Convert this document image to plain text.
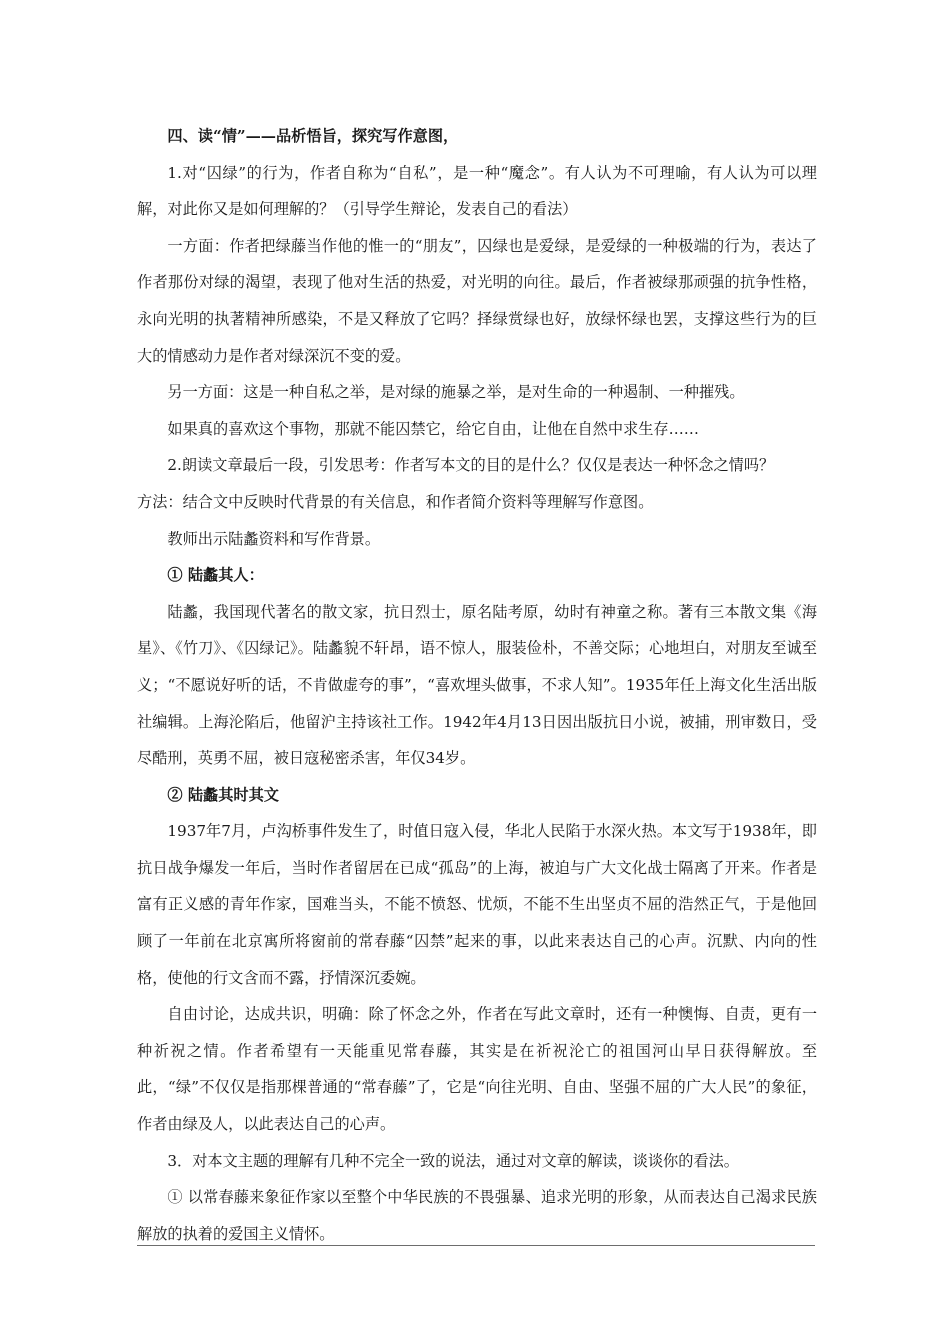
四、读“情”——品析悟旨，探究写作意图，

1.对“囚绿”的行为，作者自称为“自私”，是一种“魔念”。有人认为不可理喻，有人认为可以理解，对此你又是如何理解的？（引导学生辩论，发表自己的看法）

一方面：作者把绿藤当作他的惟一的“朋友”，囚绿也是爱绿，是爱绿的一种极端的行为，表达了作者那份对绿的渴望，表现了他对生活的热爱，对光明的向往。最后，作者被绿那顽强的抗争性格，永向光明的执著精神所感染，不是又释放了它吗？择绿赏绿也好，放绿怀绿也罢，支撑这些行为的巨大的情感动力是作者对绿深沉不变的爱。

另一方面：这是一种自私之举，是对绿的施暴之举，是对生命的一种遏制、一种摧残。

如果真的喜欢这个事物，那就不能囚禁它，给它自由，让他在自然中求生存……

2.朗读文章最后一段，引发思考：作者写本文的目的是什么？仅仅是表达一种怀念之情吗？

方法：结合文中反映时代背景的有关信息，和作者简介资料等理解写作意图。

教师出示陆蠡资料和写作背景。

① 陆蠡其人：

陆蠡，我国现代著名的散文家，抗日烈士，原名陆考原，幼时有神童之称。著有三本散文集《海星》、《竹刀》、《囚绿记》。陆蠡貌不轩昂，语不惊人，服装俭朴，不善交际；心地坦白，对朋友至诚至义；“不愿说好听的话，不肯做虚夸的事”，“喜欢埋头做事，不求人知”。1935年任上海文化生活出版社编辑。上海沦陷后，他留沪主持该社工作。1942年4月13日因出版抗日小说，被捕，刑审数日，受尽酷刑，英勇不屈，被日寇秘密杀害，年仅34岁。

② 陆蠡其时其文

1937年7月，卢沟桥事件发生了，时值日寇入侵，华北人民陷于水深火热。本文写于1938年，即抗日战争爆发一年后，当时作者留居在已成“孤岛”的上海，被迫与广大文化战士隔离了开来。作者是富有正义感的青年作家，国难当头，不能不愤怒、忧烦，不能不生出坚贞不屈的浩然正气，于是他回顾了一年前在北京寓所将窗前的常春藤“囚禁”起来的事，以此来表达自己的心声。沉默、内向的性格，使他的行文含而不露，抒情深沉委婉。

自由讨论，达成共识，明确：除了怀念之外，作者在写此文章时，还有一种懊悔、自责，更有一种祈祝之情。作者希望有一天能重见常春藤，其实是在祈祝沦亡的祖国河山早日获得解放。至此，“绿”不仅仅是指那棵普通的“常春藤”了，它是“向往光明、自由、坚强不屈的广大人民”的象征，作者由绿及人，以此表达自己的心声。

3．对本文主题的理解有几种不完全一致的说法，通过对文章的解读，谈谈你的看法。

① 以常春藤来象征作家以至整个中华民族的不畏强暴、追求光明的形象，从而表达自己渴求民族解放的执着的爱国主义情怀。
